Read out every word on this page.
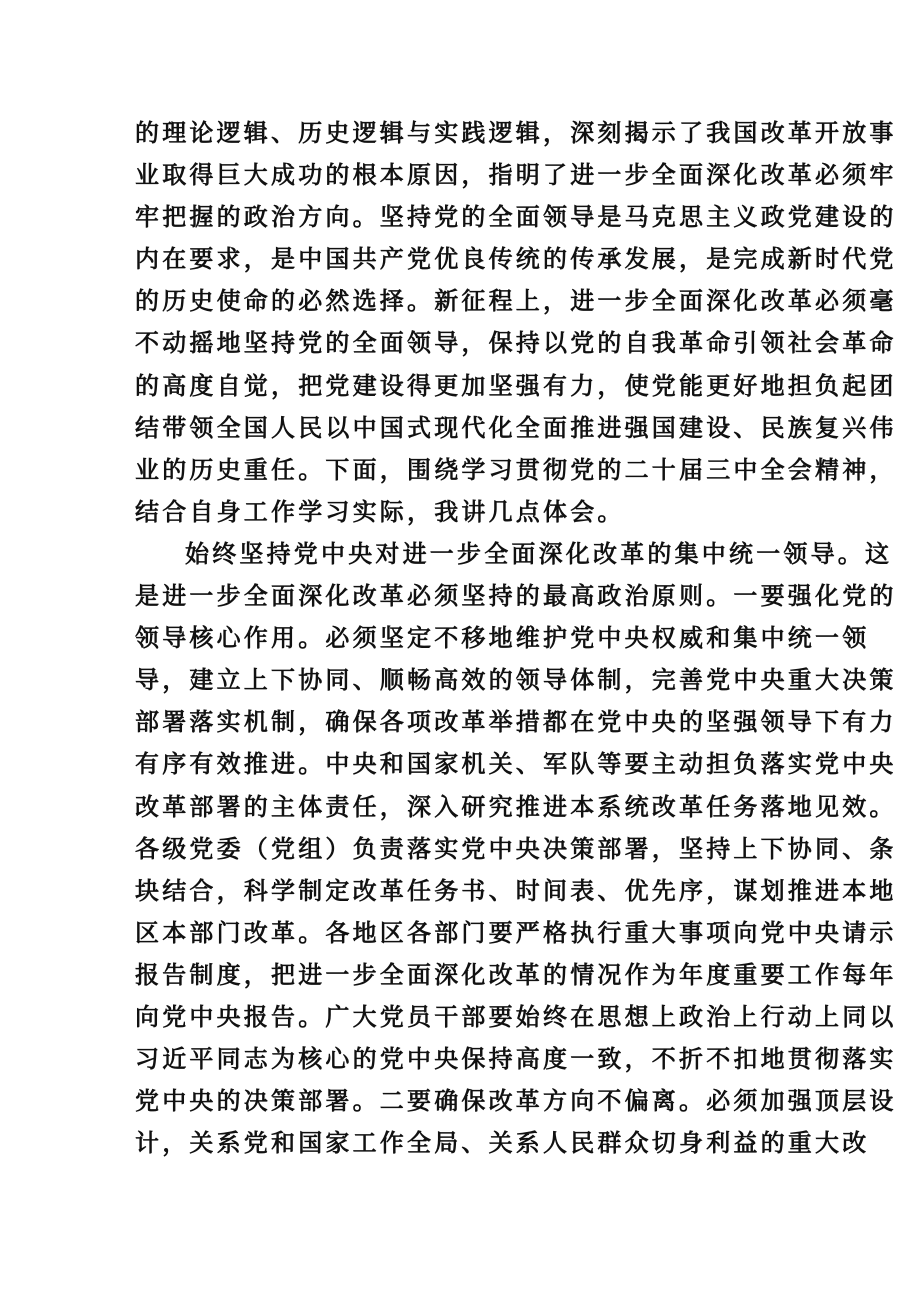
的理论逻辑、历史逻辑与实践逻辑，深刻揭示了我国改革开放事
业取得巨大成功的根本原因，指明了进一步全面深化改革必须牢
牢把握的政治方向。坚持党的全面领导是马克思主义政党建设的
内在要求，是中国共产党优良传统的传承发展，是完成新时代党
的历史使命的必然选择。新征程上，进一步全面深化改革必须毫
不动摇地坚持党的全面领导，保持以党的自我革命引领社会革命
的高度自觉，把党建设得更加坚强有力，使党能更好地担负起团
结带领全国人民以中国式现代化全面推进强国建设、民族复兴伟
业的历史重任。下面，围绕学习贯彻党的二十届三中全会精神，
结合自身工作学习实际，我讲几点体会。
始终坚持党中央对进一步全面深化改革的集中统一领导。这
是进一步全面深化改革必须坚持的最高政治原则。一要强化党的
领导核心作用。必须坚定不移地维护党中央权威和集中统一领
导，建立上下协同、顺畅高效的领导体制，完善党中央重大决策
部署落实机制，确保各项改革举措都在党中央的坚强领导下有力
有序有效推进。中央和国家机关、军队等要主动担负落实党中央
改革部署的主体责任，深入研究推进本系统改革任务落地见效。
各级党委（党组）负责落实党中央决策部署，坚持上下协同、条
块结合，科学制定改革任务书、时间表、优先序，谋划推进本地
区本部门改革。各地区各部门要严格执行重大事项向党中央请示
报告制度，把进一步全面深化改革的情况作为年度重要工作每年
向党中央报告。广大党员干部要始终在思想上政治上行动上同以
习近平同志为核心的党中央保持高度一致，不折不扣地贯彻落实
党中央的决策部署。二要确保改革方向不偏离。必须加强顶层设
计，关系党和国家工作全局、关系人民群众切身利益的重大改
